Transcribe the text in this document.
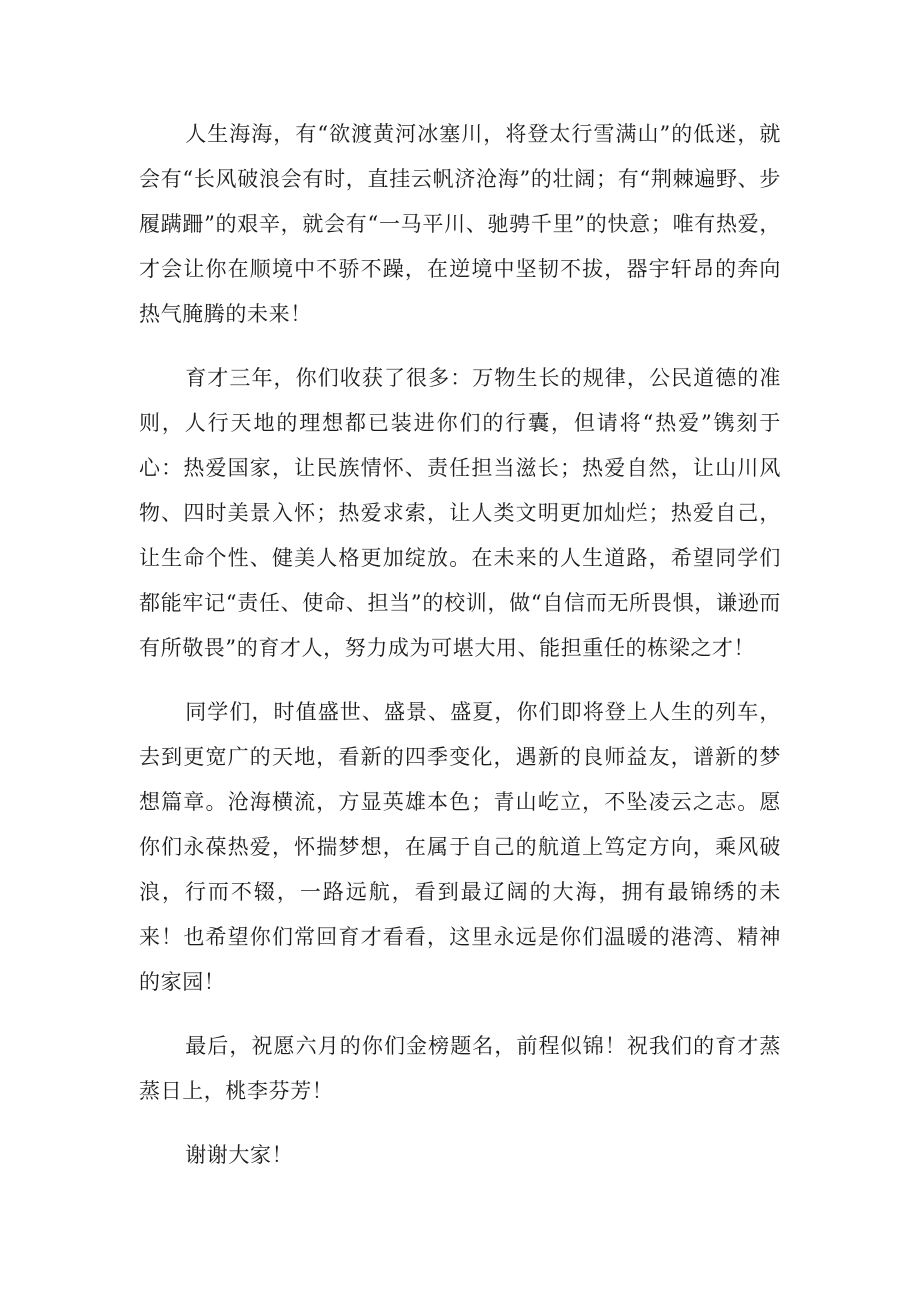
人生海海，有“欲渡黄河冰塞川，将登太行雪满山”的低迷，就会有“长风破浪会有时，直挂云帆济沧海”的壮阔；有“荆棘遍野、步履蹒跚”的艰辛，就会有“一马平川、驰骋千里”的快意；唯有热爱，才会让你在顺境中不骄不躁，在逆境中坚韧不拔，器宇轩昂的奔向热气腌腾的未来！

育才三年，你们收获了很多：万物生长的规律，公民道德的准则，人行天地的理想都已装进你们的行囊，但请将“热爱”镌刻于心：热爱国家，让民族情怀、责任担当滋长；热爱自然，让山川风物、四时美景入怀；热爱求索，让人类文明更加灿烂；热爱自己，让生命个性、健美人格更加绽放。在未来的人生道路，希望同学们都能牢记“责任、使命、担当”的校训，做“自信而无所畏惧，谦逊而有所敬畏”的育才人，努力成为可堪大用、能担重任的栋梁之才！

同学们，时值盛世、盛景、盛夏，你们即将登上人生的列车，去到更宽广的天地，看新的四季变化，遇新的良师益友，谱新的梦想篇章。沧海横流，方显英雄本色；青山屹立，不坠凌云之志。愿你们永葆热爱，怀揣梦想，在属于自己的航道上笃定方向，乘风破浪，行而不辍，一路远航，看到最辽阔的大海，拥有最锦绣的未来！也希望你们常回育才看看，这里永远是你们温暖的港湾、精神的家园！

最后，祝愿六月的你们金榜题名，前程似锦！祝我们的育才蒸蒸日上，桃李芬芳！

谢谢大家！
